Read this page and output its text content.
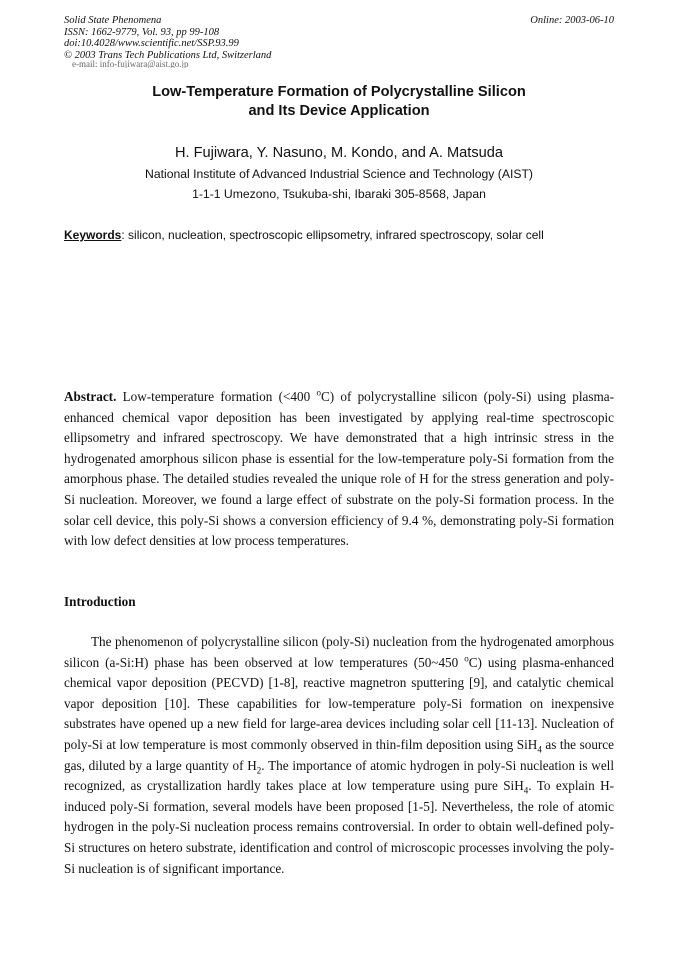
Solid State Phenomena
ISSN: 1662-9779, Vol. 93, pp 99-108
doi:10.4028/www.scientific.net/SSP.93.99
© 2003 Trans Tech Publications Ltd, Switzerland
Online: 2003-06-10
e-mail: info-fujiwara@aist.go.jp
Low-Temperature Formation of Polycrystalline Silicon
and Its Device Application
H. Fujiwara, Y. Nasuno, M. Kondo, and A. Matsuda
National Institute of Advanced Industrial Science and Technology (AIST)
1-1-1 Umezono, Tsukuba-shi, Ibaraki 305-8568, Japan
Keywords: silicon, nucleation, spectroscopic ellipsometry, infrared spectroscopy, solar cell

Abstract. Low-temperature formation (<400 $^o$C) of polycrystalline silicon (poly-Si) using plasma-enhanced chemical vapor deposition has been investigated by applying real-time spectroscopic ellipsometry and infrared spectroscopy. We have demonstrated that a high intrinsic stress in the hydrogenated amorphous silicon phase is essential for the low-temperature poly-Si formation from the amorphous phase. The detailed studies revealed the unique role of H for the stress generation and poly-Si nucleation. Moreover, we found a large effect of substrate on the poly-Si formation process. In the solar cell device, this poly-Si shows a conversion efficiency of 9.4 %, demonstrating poly-Si formation with low defect densities at low process temperatures.

Introduction

The phenomenon of polycrystalline silicon (poly-Si) nucleation from the hydrogenated amorphous silicon (a-Si:H) phase has been observed at low temperatures (50~450 $^o$C) using plasma-enhanced chemical vapor deposition (PECVD) [1-8], reactive magnetron sputtering [9], and catalytic chemical vapor deposition [10]. These capabilities for low-temperature poly-Si formation on inexpensive substrates have opened up a new field for large-area devices including solar cell [11-13]. Nucleation of poly-Si at low temperature is most commonly observed in thin-film deposition using SiH$_4$ as the source gas, diluted by a large quantity of $H_2$. The importance of atomic hydrogen in poly-Si nucleation is well recognized, as crystallization hardly takes place at low temperature using pure SiH$_4$. To explain H-induced poly-Si formation, several models have been proposed [1-5]. Nevertheless, the role of atomic hydrogen in the poly-Si nucleation process remains controversial. In order to obtain well-defined poly-Si structures on hetero substrate, identification and control of microscopic processes involving the poly-Si nucleation is of significant importance.
